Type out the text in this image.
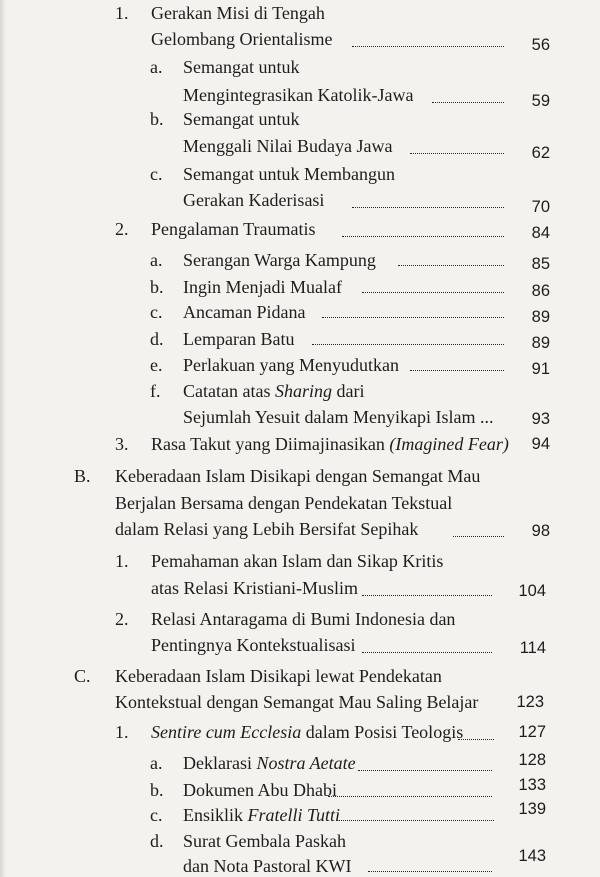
1. Gerakan Misi di Tengah
Gelombang Orientalisme	56
a. Semangat untuk
Mengintegrasikan Katolik-Jawa	59
b. Semangat untuk
Menggali Nilai Budaya Jawa	62
c. Semangat untuk Membangun
Gerakan Kaderisasi	70
2. Pengalaman Traumatis	84
a. Serangan Warga Kampung	85
b. Ingin Menjadi Mualaf	86
c. Ancaman Pidana	89
d. Lemparan Batu	89
e. Perlakuan yang Menyudutkan	91
f. Catatan atas Sharing dari
Sejumlah Yesuit dalam Menyikapi Islam ...	93
3. Rasa Takut yang Diimajinasikan (Imagined Fear)	94
B. Keberadaan Islam Disikapi dengan Semangat Mau
Berjalan Bersama dengan Pendekatan Tekstual
dalam Relasi yang Lebih Bersifat Sepihak	98
1. Pemahaman akan Islam dan Sikap Kritis
atas Relasi Kristiani-Muslim	104
2. Relasi Antaragama di Bumi Indonesia dan
Pentingnya Kontekstualisasi	114
C. Keberadaan Islam Disikapi lewat Pendekatan
Kontekstual dengan Semangat Mau Saling Belajar	123
1. Sentire cum Ecclesia dalam Posisi Teologis	127
a. Deklarasi Nostra Aetate	128
b. Dokumen Abu Dhabi	133
c. Ensiklik Fratelli Tutti	139
d. Surat Gembala Paskah
dan Nota Pastoral KWI	143
